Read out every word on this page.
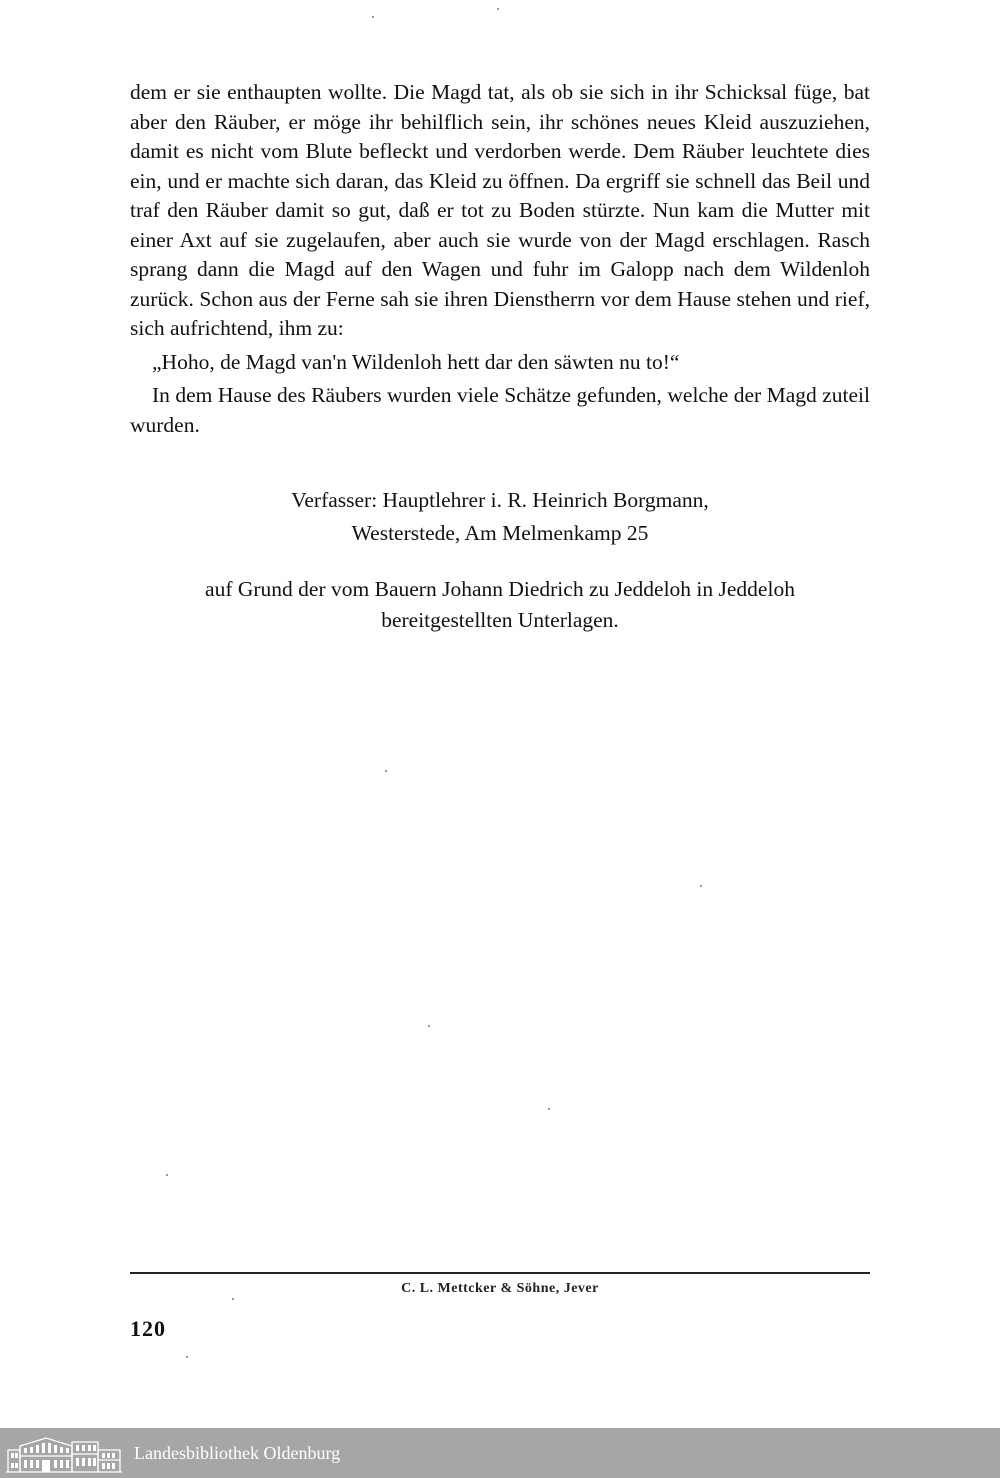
dem er sie enthaupten wollte. Die Magd tat, als ob sie sich in ihr Schicksal füge, bat aber den Räuber, er möge ihr behilflich sein, ihr schönes neues Kleid auszuziehen, damit es nicht vom Blute befleckt und verdorben werde. Dem Räuber leuchtete dies ein, und er machte sich daran, das Kleid zu öffnen. Da ergriff sie schnell das Beil und traf den Räuber damit so gut, daß er tot zu Boden stürzte. Nun kam die Mutter mit einer Axt auf sie zugelaufen, aber auch sie wurde von der Magd erschlagen. Rasch sprang dann die Magd auf den Wagen und fuhr im Galopp nach dem Wildenloh zurück. Schon aus der Ferne sah sie ihren Dienstherrn vor dem Hause stehen und rief, sich aufrichtend, ihm zu:

„Hoho, de Magd van'n Wildenloh hett dar den säwten nu to!“

In dem Hause des Räubers wurden viele Schätze gefunden, welche der Magd zuteil wurden.

Verfasser: Hauptlehrer i. R. Heinrich Borgmann,
Westerstede, Am Melmenkamp 25
auf Grund der vom Bauern Johann Diedrich zu Jeddeloh in Jeddeloh
bereitgestellten Unterlagen.
C. L. Mettcker & Söhne, Jever
120
Landesbibliothek Oldenburg
